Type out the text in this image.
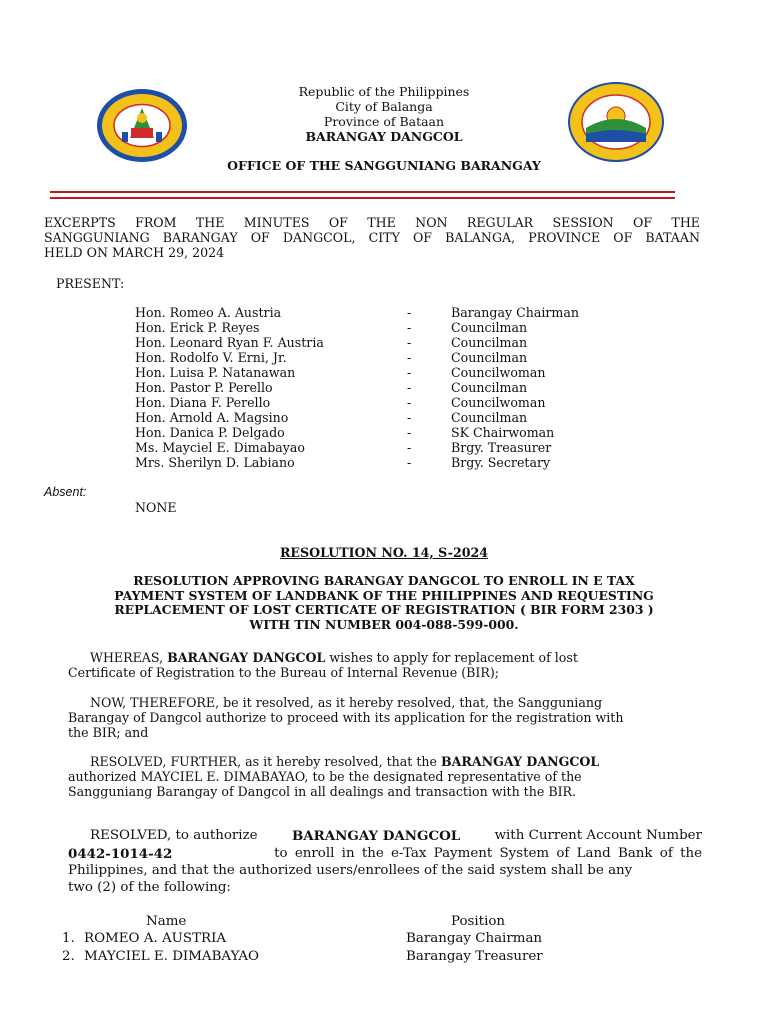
Republic of the Philippines
City of Balanga
Province of Bataan
BARANGAY DANGCOL
OFFICE OF THE SANGGUNIANG BARANGAY
EXCERPTS FROM THE MINUTES OF THE NON REGULAR SESSION OF THE
SANGGUNIANG BARANGAY OF DANGCOL, CITY OF BALANGA, PROVINCE OF BATAAN
HELD ON MARCH 29, 2024
PRESENT:
Hon. Romeo A. Austria	-	Barangay Chairman
Hon. Erick P. Reyes	-	Councilman
Hon. Leonard Ryan F. Austria	-	Councilman
Hon. Rodolfo V. Erni, Jr.	-	Councilman
Hon. Luisa P. Natanawan	-	Councilwoman
Hon. Pastor P. Perello	-	Councilman
Hon. Diana F. Perello	-	Councilwoman
Hon. Arnold A. Magsino	-	Councilman
Hon. Danica P. Delgado	-	SK Chairwoman
Ms. Mayciel E. Dimabayao	-	Brgy. Treasurer
Mrs. Sherilyn D. Labiano	-	Brgy. Secretary
Absent:
NONE
RESOLUTION NO. 14, S-2024
RESOLUTION APPROVING BARANGAY DANGCOL TO ENROLL IN E TAX
PAYMENT SYSTEM OF LANDBANK OF THE PHILIPPINES AND REQUESTING
REPLACEMENT OF LOST CERTICATE OF REGISTRATION ( BIR FORM 2303 )
WITH TIN NUMBER 004-088-599-000.
WHEREAS, BARANGAY DANGCOL wishes to apply for replacement of lost
Certificate of Registration to the Bureau of Internal Revenue (BIR);
NOW, THEREFORE, be it resolved, as it hereby resolved, that, the Sangguniang
Barangay of Dangcol authorize to proceed with its application for the registration with
the BIR; and
RESOLVED, FURTHER, as it hereby resolved, that the BARANGAY DANGCOL
authorized MAYCIEL E. DIMABAYAO, to be the designated representative of the
Sangguniang Barangay of Dangcol in all dealings and transaction with the BIR.
RESOLVED, to authorize	BARANGAY DANGCOL	with Current Account Number
0442-1014-42	to enroll in the e-Tax Payment System of Land Bank of the
Philippines, and that the authorized users/enrollees of the said system shall be any
two (2) of the following:
Name	Position
1. ROMEO A. AUSTRIA	Barangay Chairman
2. MAYCIEL E. DIMABAYAO	Barangay Treasurer
